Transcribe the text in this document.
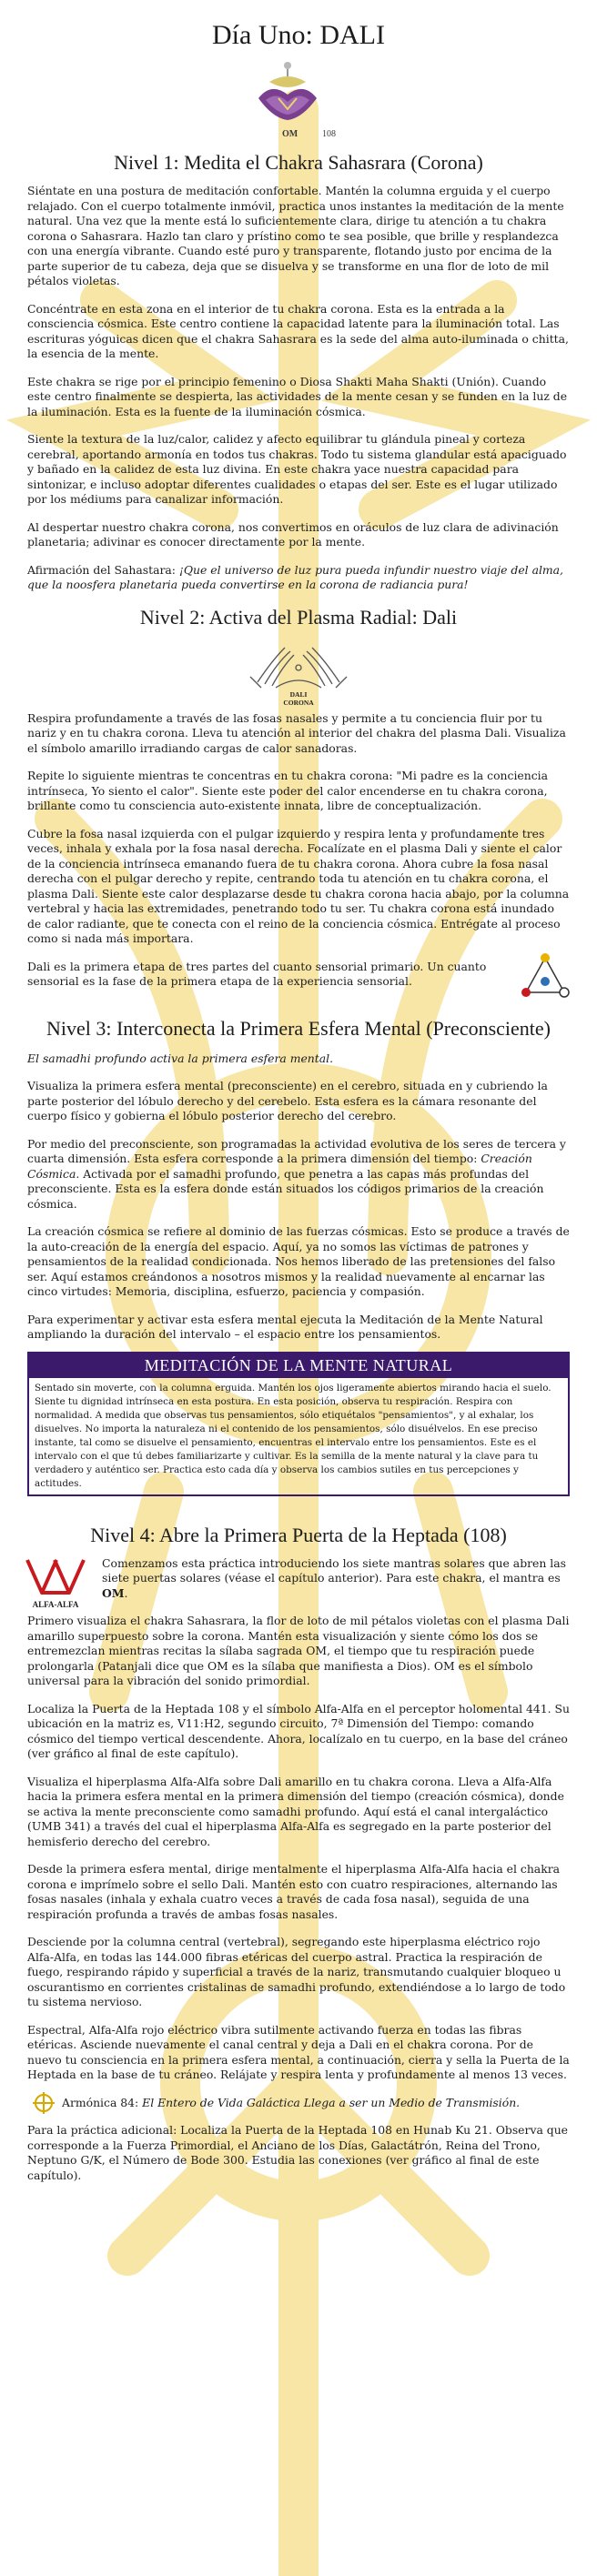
Día Uno: DALI
OM	108
Nivel 1: Medita el Chakra Sahasrara (Corona)

Siéntate en una postura de meditación confortable. Mantén la columna erguida y el cuerpo relajado. Con el cuerpo totalmente inmóvil, practica unos instantes la meditación de la mente natural. Una vez que la mente está lo suficientemente clara, dirige tu atención a tu chakra corona o Sahasrara. Hazlo tan claro y prístino como te sea posible, que brille y resplandezca con una energía vibrante. Cuando esté puro y transparente, flotando justo por encima de la parte superior de tu cabeza, deja que se disuelva y se transforme en una flor de loto de mil pétalos violetas.

Concéntrate en esta zona en el interior de tu chakra corona. Esta es la entrada a la consciencia cósmica. Este centro contiene la capacidad latente para la iluminación total. Las escrituras yóguicas dicen que el chakra Sahasrara es la sede del alma auto-iluminada o chitta, la esencia de la mente.

Este chakra se rige por el principio femenino o Diosa Shakti Maha Shakti (Unión). Cuando este centro finalmente se despierta, las actividades de la mente cesan y se funden en la luz de la iluminación. Esta es la fuente de la iluminación cósmica.

Siente la textura de la luz/calor, calidez y afecto equilibrar tu glándula pineal y corteza cerebral, aportando armonía en todos tus chakras. Todo tu sistema glandular está apaciguado y bañado en la calidez de esta luz divina. En este chakra yace nuestra capacidad para sintonizar, e incluso adoptar diferentes cualidades o etapas del ser. Este es el lugar utilizado por los médiums para canalizar información.

Al despertar nuestro chakra corona, nos convertimos en oráculos de luz clara de adivinación planetaria; adivinar es conocer directamente por la mente.

Afirmación del Sahastara: ¡Que el universo de luz pura pueda infundir nuestro viaje del alma, que la noosfera planetaria pueda convertirse en la corona de radiancia pura!

Nivel 2: Activa del Plasma Radial: Dali
DALI
CORONA

Respira profundamente a través de las fosas nasales y permite a tu conciencia fluir por tu nariz y en tu chakra corona. Lleva tu atención al interior del chakra del plasma Dali. Visualiza el símbolo amarillo irradiando cargas de calor sanadoras.

Repite lo siguiente mientras te concentras en tu chakra corona: "Mi padre es la conciencia intrínseca, Yo siento el calor". Siente este poder del calor encenderse en tu chakra corona, brillante como tu consciencia auto-existente innata, libre de conceptualización.

Cubre la fosa nasal izquierda con el pulgar izquierdo y respira lenta y profundamente tres veces, inhala y exhala por la fosa nasal derecha. Focalízate en el plasma Dali y siente el calor de la conciencia intrínseca emanando fuera de tu chakra corona. Ahora cubre la fosa nasal derecha con el pulgar derecho y repite, centrando toda tu atención en tu chakra corona, el plasma Dali. Siente este calor desplazarse desde tu chakra corona hacia abajo, por la columna vertebral y hacia las extremidades, penetrando todo tu ser. Tu chakra corona está inundado de calor radiante, que te conecta con el reino de la conciencia cósmica. Entrégate al proceso como si nada más importara.

Dali es la primera etapa de tres partes del cuanto sensorial primario. Un cuanto sensorial es la fase de la primera etapa de la experiencia sensorial.

Nivel 3: Interconecta la Primera Esfera Mental (Preconsciente)

El samadhi profundo activa la primera esfera mental.

Visualiza la primera esfera mental (preconsciente) en el cerebro, situada en y cubriendo la parte posterior del lóbulo derecho y del cerebelo. Esta esfera es la cámara resonante del cuerpo físico y gobierna el lóbulo posterior derecho del cerebro.

Por medio del preconsciente, son programadas la actividad evolutiva de los seres de tercera y cuarta dimensión. Esta esfera corresponde a la primera dimensión del tiempo: Creación Cósmica. Activada por el samadhi profundo, que penetra a las capas más profundas del preconsciente. Esta es la esfera donde están situados los códigos primarios de la creación cósmica.

La creación cósmica se refiere al dominio de las fuerzas cósmicas. Esto se produce a través de la auto-creación de la energía del espacio. Aquí, ya no somos las víctimas de patrones y pensamientos de la realidad condicionada. Nos hemos liberado de las pretensiones del falso ser. Aquí estamos creándonos a nosotros mismos y la realidad nuevamente al encarnar las cinco virtudes: Memoria, disciplina, esfuerzo, paciencia y compasión.

Para experimentar y activar esta esfera mental ejecuta la Meditación de la Mente Natural ampliando la duración del intervalo – el espacio entre los pensamientos.

MEDITACIÓN DE LA MENTE NATURAL
Sentado sin moverte, con la columna erguida. Mantén los ojos ligeramente abiertos mirando hacia el suelo. Siente tu dignidad intrínseca en esta postura. En esta posición, observa tu respiración. Respira con normalidad. A medida que observas tus pensamientos, sólo etiquétalos "pensamientos", y al exhalar, los disuelves. No importa la naturaleza ni el contenido de los pensamientos, sólo disuélvelos. En ese preciso instante, tal como se disuelve el pensamiento, encuentras el intervalo entre los pensamientos. Este es el intervalo con el que tú debes familiarizarte y cultivar. Es la semilla de la mente natural y la clave para tu verdadero y auténtico ser. Practica esto cada día y observa los cambios sutiles en tus percepciones y actitudes.
Nivel 4: Abre la Primera Puerta de la Heptada (108)
ALFA-ALFA

Comenzamos esta práctica introduciendo los siete mantras solares que abren las siete puertas solares (véase el capítulo anterior). Para este chakra, el mantra es OM.

Primero visualiza el chakra Sahasrara, la flor de loto de mil pétalos violetas con el plasma Dali amarillo superpuesto sobre la corona. Mantén esta visualización y siente cómo los dos se entremezclan mientras recitas la sílaba sagrada OM, el tiempo que tu respiración puede prolongarla (Patanjali dice que OM es la sílaba que manifiesta a Dios). OM es el símbolo universal para la vibración del sonido primordial.

Localiza la Puerta de la Heptada 108 y el símbolo Alfa-Alfa en el perceptor holomental 441. Su ubicación en la matriz es, V11:H2, segundo circuito, 7ª Dimensión del Tiempo: comando cósmico del tiempo vertical descendente. Ahora, localízalo en tu cuerpo, en la base del cráneo (ver gráfico al final de este capítulo).

Visualiza el hiperplasma Alfa-Alfa sobre Dali amarillo en tu chakra corona. Lleva a Alfa-Alfa hacia la primera esfera mental en la primera dimensión del tiempo (creación cósmica), donde se activa la mente preconsciente como samadhi profundo. Aquí está el canal intergaláctico (UMB 341) a través del cual el hiperplasma Alfa-Alfa es segregado en la parte posterior del hemisferio derecho del cerebro.

Desde la primera esfera mental, dirige mentalmente el hiperplasma Alfa-Alfa hacia el chakra corona e imprímelo sobre el sello Dali. Mantén esto con cuatro respiraciones, alternando las fosas nasales (inhala y exhala cuatro veces a través de cada fosa nasal), seguida de una respiración profunda a través de ambas fosas nasales.

Desciende por la columna central (vertebral), segregando este hiperplasma eléctrico rojo Alfa-Alfa, en todas las 144.000 fibras etéricas del cuerpo astral. Practica la respiración de fuego, respirando rápido y superficial a través de la nariz, transmutando cualquier bloqueo u oscurantismo en corrientes cristalinas de samadhi profundo, extendiéndose a lo largo de todo tu sistema nervioso.

Espectral, Alfa-Alfa rojo eléctrico vibra sutilmente activando fuerza en todas las fibras etéricas. Asciende nuevamente el canal central y deja a Dali en el chakra corona. Por de nuevo tu consciencia en la primera esfera mental, a continuación, cierra y sella la Puerta de la Heptada en la base de tu cráneo. Relájate y respira lenta y profundamente al menos 13 veces.

Armónica 84: El Entero de Vida Galáctica Llega a ser un Medio de Transmisión.

Para la práctica adicional: Localiza la Puerta de la Heptada 108 en Hunab Ku 21. Observa que corresponde a la Fuerza Primordial, el Anciano de los Días, Galactátrón, Reina del Trono, Neptuno G/K, el Número de Bode 300. Estudia las conexiones (ver gráfico al final de este capítulo).
